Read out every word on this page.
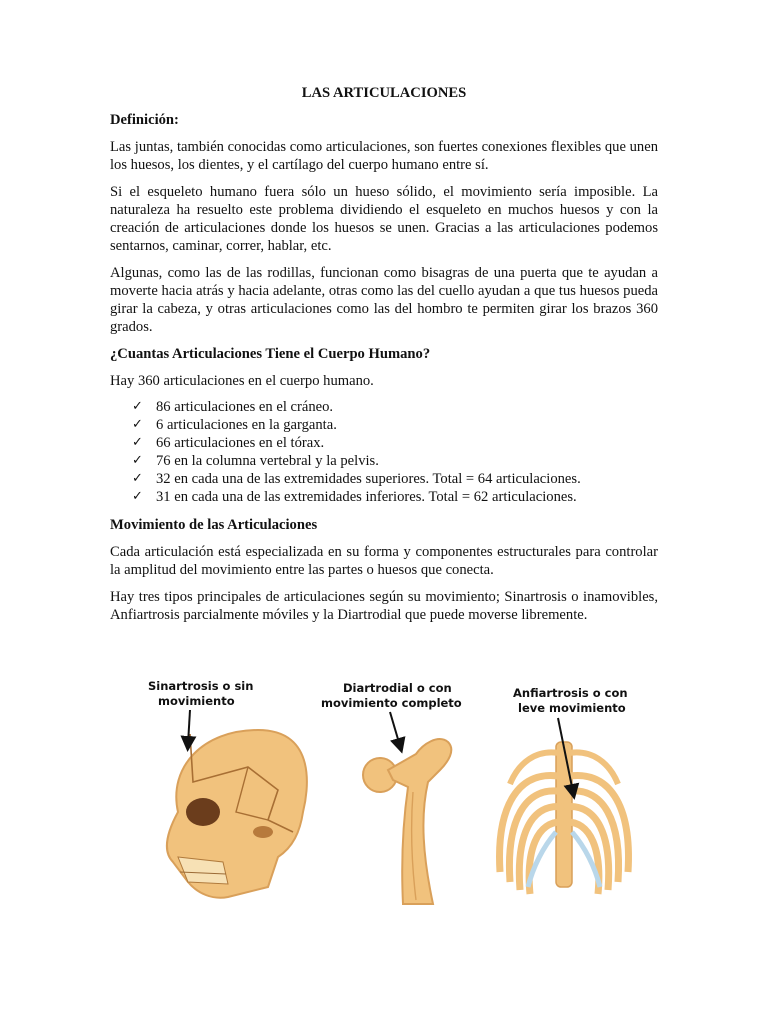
LAS ARTICULACIONES
Definición:

Las juntas, también conocidas como articulaciones, son fuertes conexiones flexibles que unen los huesos, los dientes, y el cartílago del cuerpo humano entre sí.

Si el esqueleto humano fuera sólo un hueso sólido, el movimiento sería imposible. La naturaleza ha resuelto este problema dividiendo el esqueleto en muchos huesos y con la creación de articulaciones donde los huesos se unen. Gracias a las articulaciones podemos sentarnos, caminar, correr, hablar, etc.

Algunas, como las de las rodillas, funcionan como bisagras de una puerta que te ayudan a moverte hacia atrás y hacia adelante, otras como las del cuello ayudan a que tus huesos pueda girar la cabeza, y otras articulaciones como las del hombro te permiten girar los brazos 360 grados.

¿Cuantas Articulaciones Tiene el Cuerpo Humano?

Hay 360 articulaciones en el cuerpo humano.

✓ 86 articulaciones en el cráneo.
✓ 6 articulaciones en la garganta.
✓ 66 articulaciones en el tórax.
✓ 76 en la columna vertebral y la pelvis.
✓ 32 en cada una de las extremidades superiores. Total = 64 articulaciones.
✓ 31 en cada una de las extremidades inferiores. Total = 62 articulaciones.
Movimiento de las Articulaciones

Cada articulación está especializada en su forma y componentes estructurales para controlar la amplitud del movimiento entre las partes o huesos que conecta.

Hay tres tipos principales de articulaciones según su movimiento; Sinartrosis o inamovibles, Anfiartrosis parcialmente móviles y la Diartrodial que puede moverse libremente.

Sinartrosis o sin
movimiento
Diartrodial o con
movimiento completo
Anfiartrosis o con
leve movimiento
